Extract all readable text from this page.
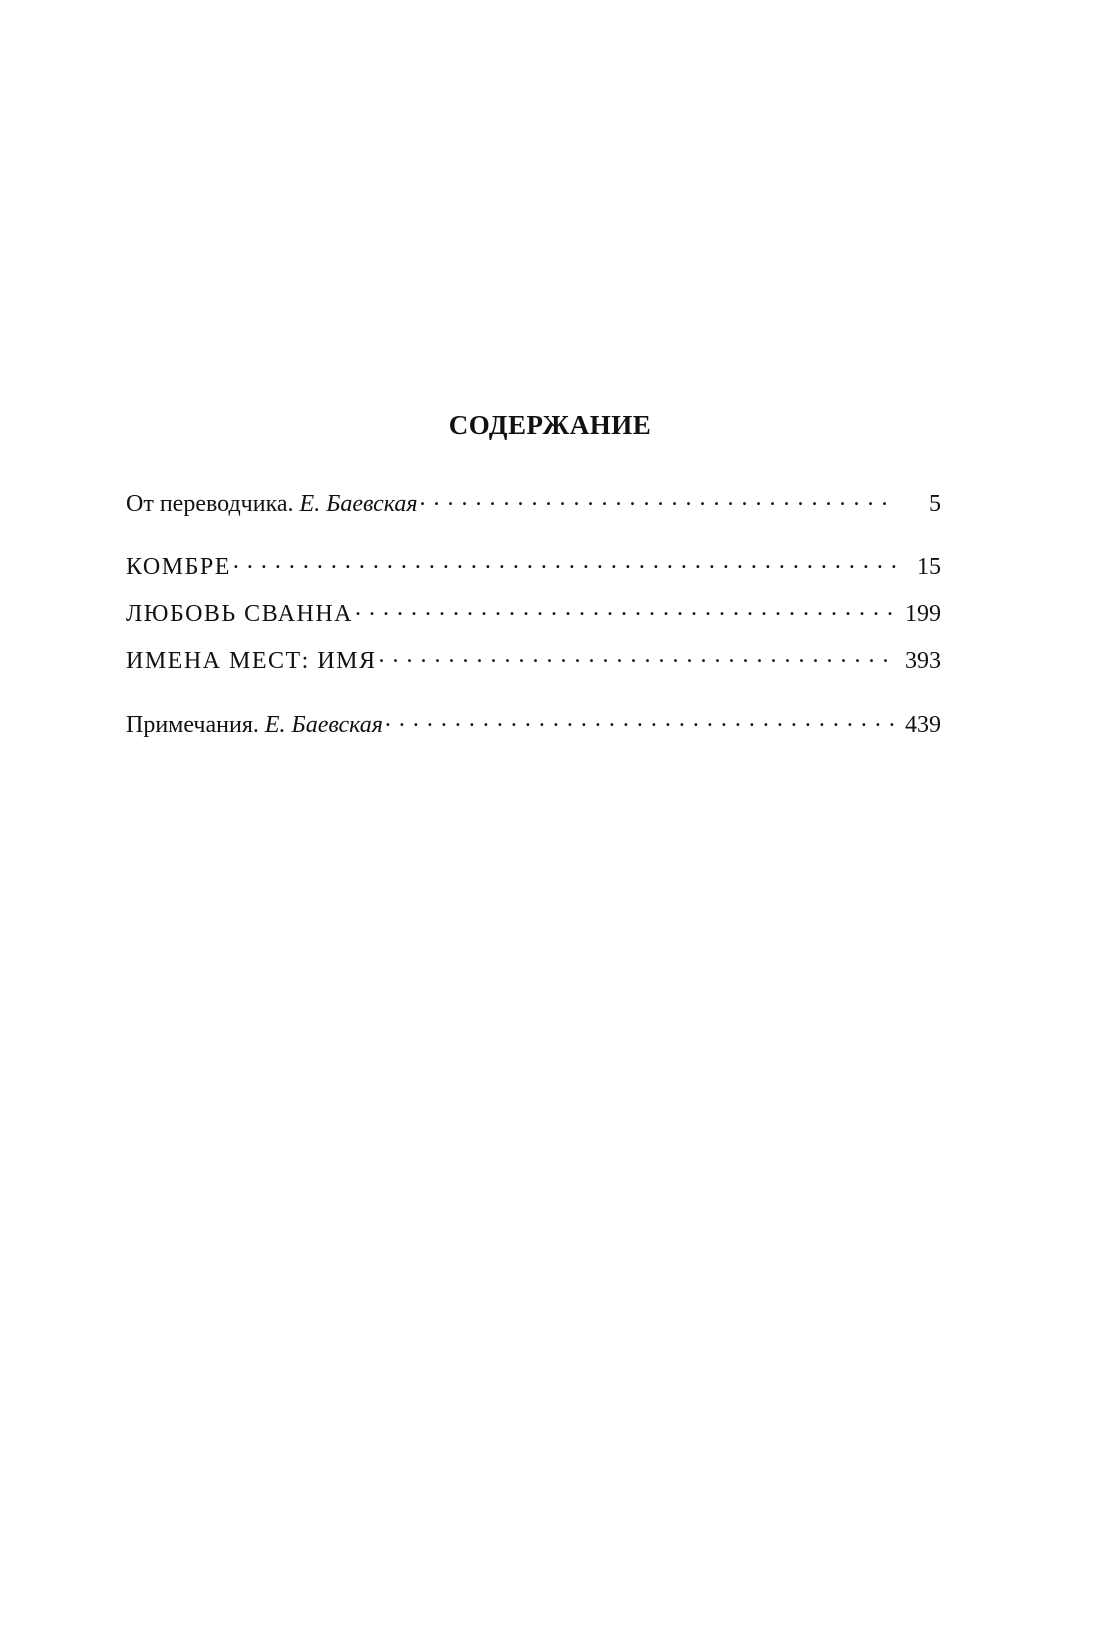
СОДЕРЖАНИЕ
От переводчика. Е. Баевская . . .	5
КОМБРЕ . . .	15
ЛЮБОВЬ СВАННА . . .	199
ИМЕНА МЕСТ: ИМЯ . . .	393
Примечания. Е. Баевская . . .	439
